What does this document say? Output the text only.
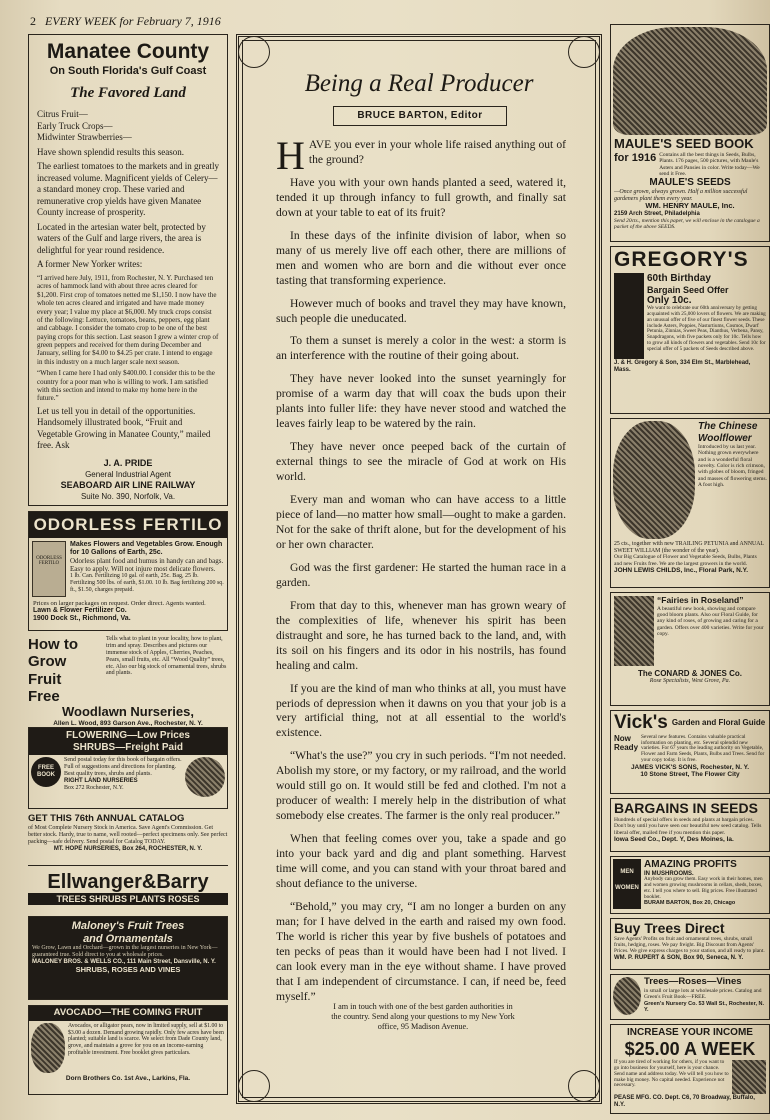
2 EVERY WEEK for February 7, 1916
Manatee County
On South Florida's Gulf Coast
The Favored Land
Citrus Fruit—
Early Truck Crops—
Midwinter Strawberries—

Have shown splendid results this season.

The earliest tomatoes to the markets and in greatly increased volume. Magnificent yields of Celery—a standard money crop. These varied and remunerative crop yields have given Manatee County increase of prosperity.

Located in the artesian water belt, protected by waters of the Gulf and large rivers, the area is delightful for year round residence.

A former New Yorker writes:

“I arrived here July, 1911, from Rochester, N. Y. Purchased ten acres of hammock land with about three acres cleared for $1,200. First crop of tomatoes netted me $1,150. I now have the whole ten acres cleared and irrigated and have made money every year; I value my place at $6,000. My truck crops consist of the following: Lettuce, tomatoes, beans, peppers, egg plant and cabbage. I consider the tomato crop to be one of the best paying crops for this section. Last season I grew a winter crop of green peppers and received for them during December and January, selling for $4.00 to $4.25 per crate. I intend to engage in this industry on a much larger scale next season.

“When I came here I had only $400.00. I consider this to be the country for a poor man who is willing to work. I am satisfied with this section and intend to make my home here in the future.”

Let us tell you in detail of the opportunities. Handsomely illustrated book, “Fruit and Vegetable Growing in Manatee County,” mailed free. Ask

J. A. PRIDE
General Industrial Agent
SEABOARD AIR LINE RAILWAY
Suite No. 390, Norfolk, Va.
ODORLESS FERTILO
ODORLESS FERTILO
Makes Flowers and Vegetables Grow. Enough for 10 Gallons of Earth, 25c.
Odorless plant food and humus in handy can and bags. Easy to apply. Will not injure most delicate flowers.
1 lb. Can. Fertilizing 10 gal. of earth, 25c. Bag, 25 lb. Fertilizing 500 lbs. of earth, $1.00. 10 lb. Bag fertilizing 200 sq. ft., $1.50, charges prepaid.
Prices on larger packages on request. Order direct. Agents wanted.
Lawn & Flower Fertilizer Co.
1900 Dock St., Richmond, Va.
How to Grow
Fruit
Free
Tells what to plant in your locality, how to plant, trim and spray. Describes and pictures our immense stock of Apples, Cherries, Peaches, Pears, small fruits, etc. All “Wood Quality” trees, etc. Also our big stock of ornamental trees, shrubs and plants.
Woodlawn Nurseries,
Allen L. Wood, 893 Garson Ave., Rochester, N. Y.
FLOWERING—Low Prices
SHRUBS—Freight Paid
FREE BOOK
Send postal today for this book of bargain offers. Full of suggestions and directions for planting. Best quality trees, shrubs and plants.
RIGHT LAND NURSERIES
Box 272 Rochester, N.Y.
GET THIS 76th ANNUAL CATALOG
of Most Complete Nursery Stock in America. Save Agent's Commission. Get better stock. Hardy, true to name, well rooted—perfect specimens only. See perfect packing—safe delivery. Send postal for Catalog TODAY.
MT. HOPE NURSERIES, Box 264, ROCHESTER, N. Y.
Ellwanger&Barry
TREES SHRUBS PLANTS ROSES
Maloney's Fruit Trees
and Ornamentals
We Grow, Lawn and Orchard—grown in the largest nurseries in New York—guaranteed true. Sold direct to you at wholesale prices.
MALONEY BROS. & WELLS CO., 111 Main Street, Dansville, N. Y.
SHRUBS, ROSES AND VINES
AVOCADO—THE COMING FRUIT
Avocados, or alligator pears, now in limited supply, sell at $1.00 to $3.00 a dozen. Demand growing rapidly. Only few acres have been planted; suitable land is scarce. We select from Dade County land, grove, and maintain a grove for you on an income-earning profitable investment. Free booklet gives particulars.
Dorn Brothers Co. 1st Ave., Larkins, Fla.
Being a Real Producer
BRUCE BARTON, Editor

HAVE you ever in your whole life raised anything out of the ground?

Have you with your own hands planted a seed, watered it, tended it up through infancy to full growth, and finally sat down at your table to eat of its fruit?

In these days of the infinite division of labor, when so many of us merely live off each other, there are millions of men and women who are born and die without ever once tasting that transforming experience.

However much of books and travel they may have known, such people die uneducated.

To them a sunset is merely a color in the west: a storm is an interference with the routine of their going about.

They have never looked into the sunset yearningly for promise of a warm day that will coax the buds upon their plants into fuller life: they have never stood and watched the leaves fairly leap to be watered by the rain.

They have never once peeped back of the curtain of external things to see the miracle of God at work on His world.

Every man and woman who can have access to a little piece of land—no matter how small—ought to make a garden. Not for the sake of thrift alone, but for the development of his or her own character.

God was the first gardener: He started the human race in a garden.

From that day to this, whenever man has grown weary of the complexities of life, whenever his spirit has been distraught and sore, he has turned back to the land, and, with its soil on his fingers and its odor in his nostrils, has found healing and calm.

If you are the kind of man who thinks at all, you must have periods of depression when it dawns on you that your job is a very artificial thing, not at all essential to the world's existence.

“What's the use?” you cry in such periods. “I'm not needed. Abolish my store, or my factory, or my railroad, and the world would still go on. It would still be fed and clothed. I'm not a producer of wealth: I merely help in the distribution of what somebody else creates. The farmer is the only real producer.”

When that feeling comes over you, take a spade and go into your back yard and dig and plant something. Harvest time will come, and you can stand with your throat bared and shout defiance to the universe.

“Behold,” you may cry, “I am no longer a burden on any man; for I have delved in the earth and raised my own food. The world is richer this year by five bushels of potatoes and ten pecks of peas than it would have been had I not lived. I can look every man in the eye without shame. I have proved that I am independent of circumstance. I can, if need be, feed myself.”

I am in touch with one of the best garden authorities in the country. Send along your questions to my New York office, 95 Madison Avenue.
MAULE'S SEED BOOK
for 1916 Contains all the best things in Seeds, Bulbs, Plants. 176 pages, 500 pictures, with Maule's Asters and Pansies in color. Write today—We send it Free.
MAULE'S SEEDS
—Once grown, always grown. Half a million successful gardeners plant them every year.
WM. HENRY MAULE, Inc.
2159 Arch Street, Philadelphia
Send 20cts., mention this paper, we will enclose in the catalogue a packet of the above SEEDS.
GREGORY'S
60th Birthday
Bargain Seed Offer
Only 10c.
We want to celebrate our 60th anniversary by getting acquainted with 25,000 lovers of flowers. We are making an unusual offer of five of our finest flower seeds. These include Asters, Poppies, Nasturtiums, Cosmos, Dwarf Petunia, Zinnias, Sweet Peas, Dianthus, Verbena, Pansy, Snapdragons, with five packets only for 10c. Tells how to grow all kinds of flowers and vegetables. Send 10c for special offer of 5 packets of Seeds described above.
J. & H. Gregory & Son, 334 Elm St., Marblehead, Mass.
The Chinese Woolflower
Introduced by us last year. Nothing grown everywhere and is a wonderful floral novelty. Color is rich crimson, with globes of bloom, fringed and masses of flowering stems. A foot high.
25 cts., together with new TRAILING PETUNIA and ANNUAL SWEET WILLIAM (the wonder of the year).
Our Big Catalogue of Flower and Vegetable Seeds, Bulbs, Plants and new Fruits free. We are the largest growers in the world.
JOHN LEWIS CHILDS, Inc., Floral Park, N.Y.
“Fairies in Roseland”
A beautiful new book, showing and compare good bloom plants. Also our Floral Guide, for any kind of roses, of growing and caring for a garden. Offers over 400 varieties. Write for your copy.
The CONARD & JONES Co.
Rose Specialists, West Grove, Pa.
Vick's Garden and Floral Guide
Now
Ready
Several new features. Contains valuable practical information on planting, etc. Several splendid new varieties. For 67 years the leading authority on Vegetable, Flower and Farm Seeds, Plants, Bulbs and Trees. Send for your copy today. It is free.
JAMES VICK'S SONS, Rochester, N. Y.
10 Stone Street, The Flower City
BARGAINS IN SEEDS
Hundreds of special offers in seeds and plants at bargain prices. Don't buy until you have seen our beautiful new seed catalog. Tells liberal offer, mailed free if you mention this paper.
Iowa Seed Co., Dept. Y, Des Moines, Ia.
MEN
WOMEN
AMAZING PROFITS
IN MUSHROOMS.
Anybody can grow them. Easy work in their homes, men and women growing mushrooms in cellars, sheds, boxes, etc. I tell you where to sell. Big prices. Free illustrated booklet.
BURAM BARTON, Box 20, Chicago
Buy Trees Direct
Save Agents' Profits on fruit and ornamental trees, shrubs, small fruits, hedging, roses. We pay freight. Big Discount from Agents' Prices. We give express charges to your station, and all ready to plant.
WM. P. RUPERT & SON, Box 90, Seneca, N. Y.
Trees—Roses—Vines
in small or large lots at wholesale prices. Catalog and Green's Fruit Book—FREE.
Green's Nursery Co. 53 Wall St., Rochester, N. Y.
INCREASE YOUR INCOME
$25.00 A WEEK
If you are tired of working for others, if you want to go into business for yourself, here is your chance. Send name and address today. We will tell you how to make big money. No capital needed. Experience not necessary.
PEASE MFG. CO. Dept. C6, 70 Broadway, Buffalo, N.Y.
